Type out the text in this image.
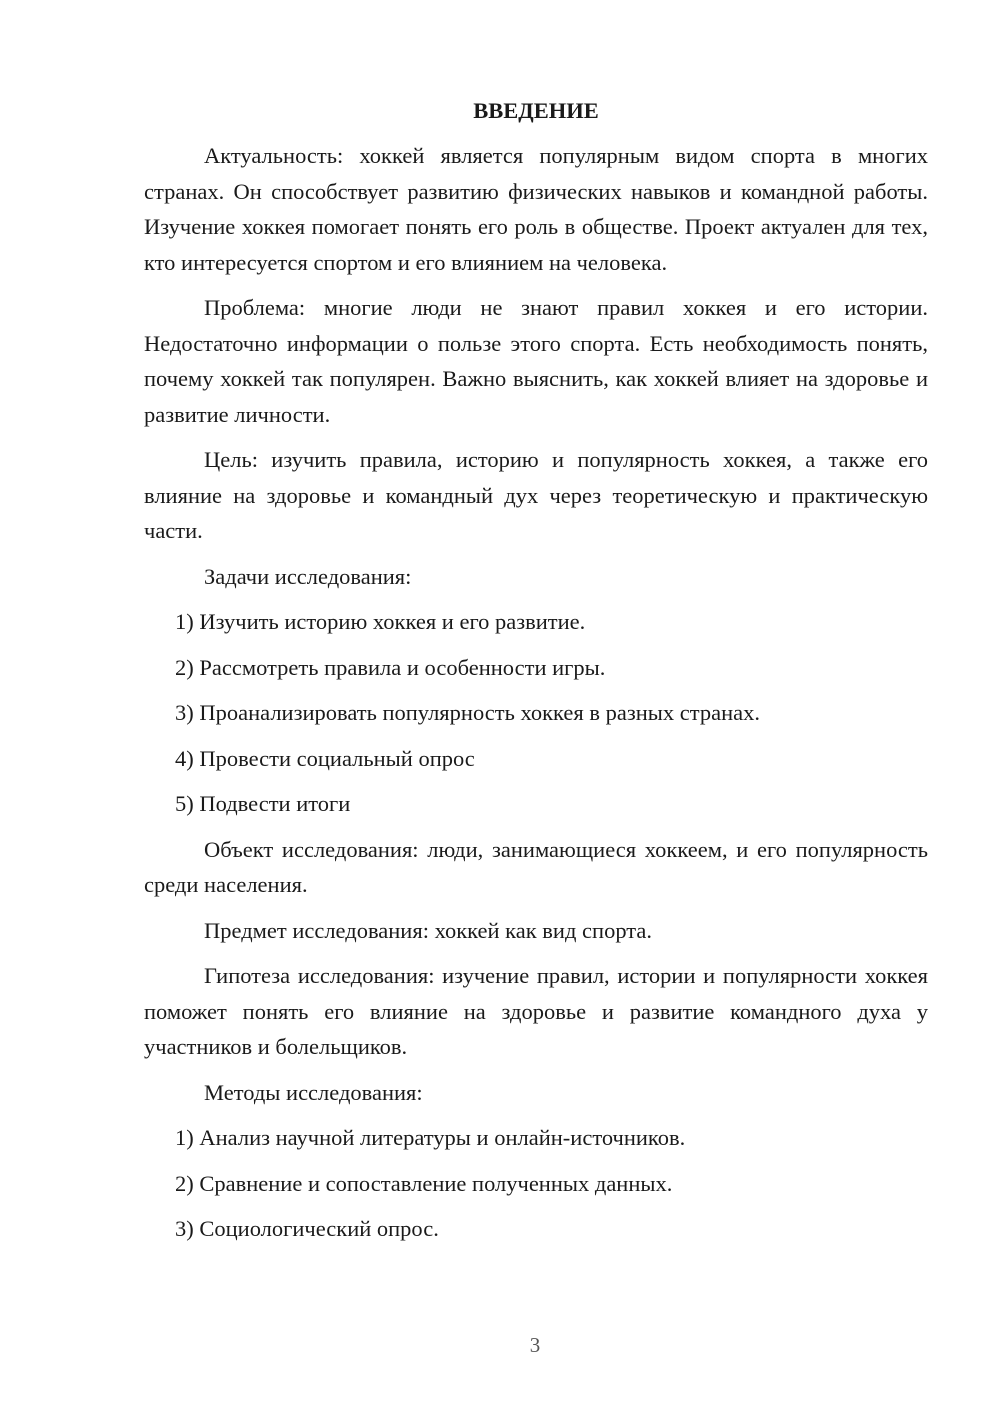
ВВЕДЕНИЕ

Актуальность: хоккей является популярным видом спорта в многих странах. Он способствует развитию физических навыков и командной работы. Изучение хоккея помогает понять его роль в обществе. Проект актуален для тех, кто интересуется спортом и его влиянием на человека.

Проблема: многие люди не знают правил хоккея и его истории. Недостаточно информации о пользе этого спорта. Есть необходимость понять, почему хоккей так популярен. Важно выяснить, как хоккей влияет на здоровье и развитие личности.

Цель: изучить правила, историю и популярность хоккея, а также его влияние на здоровье и командный дух через теоретическую и практическую части.

Задачи исследования:

1) Изучить историю хоккея и его развитие.

2) Рассмотреть правила и особенности игры.

3) Проанализировать популярность хоккея в разных странах.

4) Провести социальный опрос

5) Подвести итоги

Объект исследования: люди, занимающиеся хоккеем, и его популярность среди населения.

Предмет исследования: хоккей как вид спорта.

Гипотеза исследования: изучение правил, истории и популярности хоккея поможет понять его влияние на здоровье и развитие командного духа у участников и болельщиков.

Методы исследования:

1) Анализ научной литературы и онлайн-источников.

2) Сравнение и сопоставление полученных данных.

3) Социологический опрос.

3
